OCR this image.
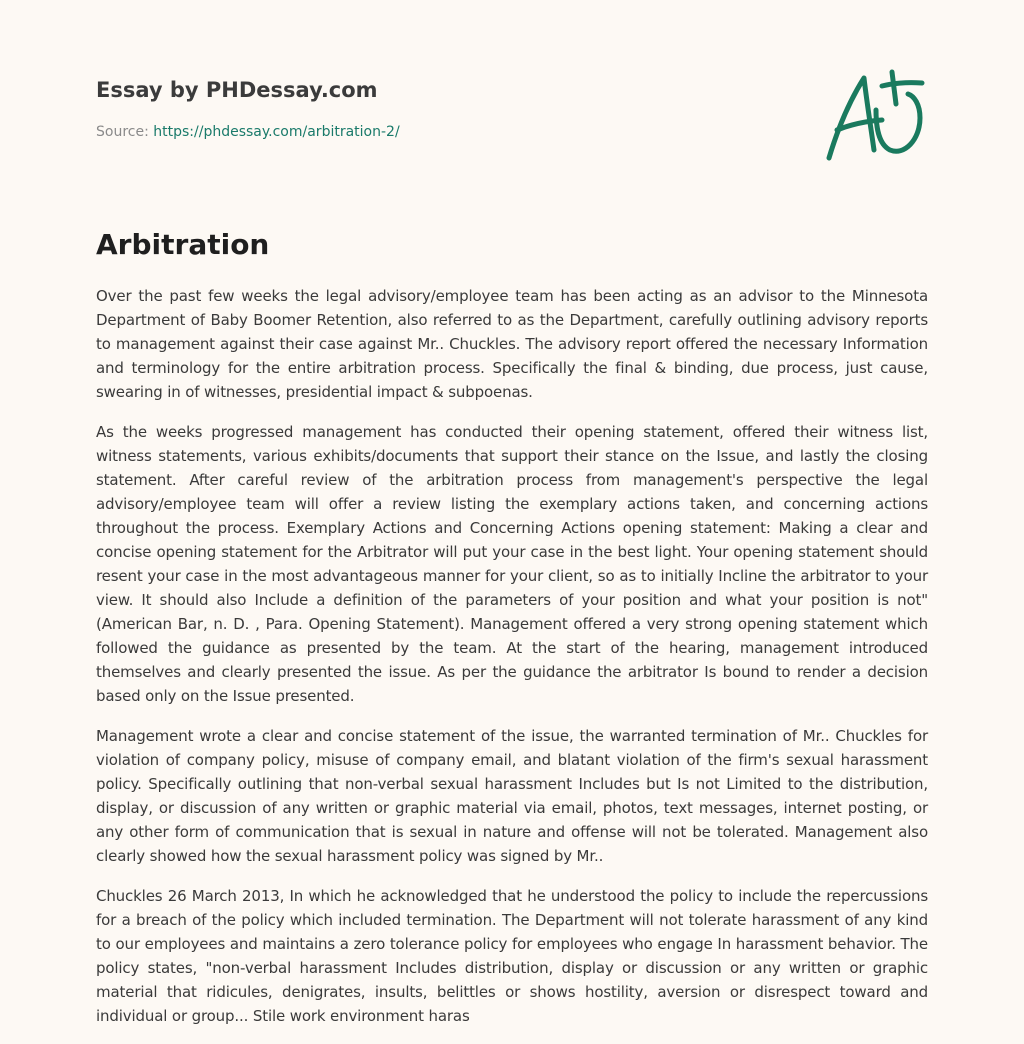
Essay by PHDessay.com
Source: https://phdessay.com/arbitration-2/
Arbitration

Over the past few weeks the legal advisory/employee team has been acting as an advisor to the Minnesota Department of Baby Boomer Retention, also referred to as the Department, carefully outlining advisory reports to management against their case against Mr.. Chuckles. The advisory report offered the necessary Information and terminology for the entire arbitration process. Specifically the final & binding, due process, just cause, swearing in of witnesses, presidential impact & subpoenas.

As the weeks progressed management has conducted their opening statement, offered their witness list, witness statements, various exhibits/documents that support their stance on the Issue, and lastly the closing statement. After careful review of the arbitration process from management's perspective the legal advisory/employee team will offer a review listing the exemplary actions taken, and concerning actions throughout the process. Exemplary Actions and Concerning Actions opening statement: Making a clear and concise opening statement for the Arbitrator will put your case in the best light. Your opening statement should resent your case in the most advantageous manner for your client, so as to initially Incline the arbitrator to your view. It should also Include a definition of the parameters of your position and what your position is not" (American Bar, n. D. , Para. Opening Statement). Management offered a very strong opening statement which followed the guidance as presented by the team. At the start of the hearing, management introduced themselves and clearly presented the issue. As per the guidance the arbitrator Is bound to render a decision based only on the Issue presented.

Management wrote a clear and concise statement of the issue, the warranted termination of Mr.. Chuckles for violation of company policy, misuse of company email, and blatant violation of the firm's sexual harassment policy. Specifically outlining that non-verbal sexual harassment Includes but Is not Limited to the distribution, display, or discussion of any written or graphic material via email, photos, text messages, internet posting, or any other form of communication that is sexual in nature and offense will not be tolerated. Management also clearly showed how the sexual harassment policy was signed by Mr..

Chuckles 26 March 2013, In which he acknowledged that he understood the policy to include the repercussions for a breach of the policy which included termination. The Department will not tolerate harassment of any kind to our employees and maintains a zero tolerance policy for employees who engage In harassment behavior. The policy states, "non-verbal harassment Includes distribution, display or discussion or any written or graphic material that ridicules, denigrates, insults, belittles or shows hostility, aversion or disrespect toward and individual or group... Stile work environment haras
